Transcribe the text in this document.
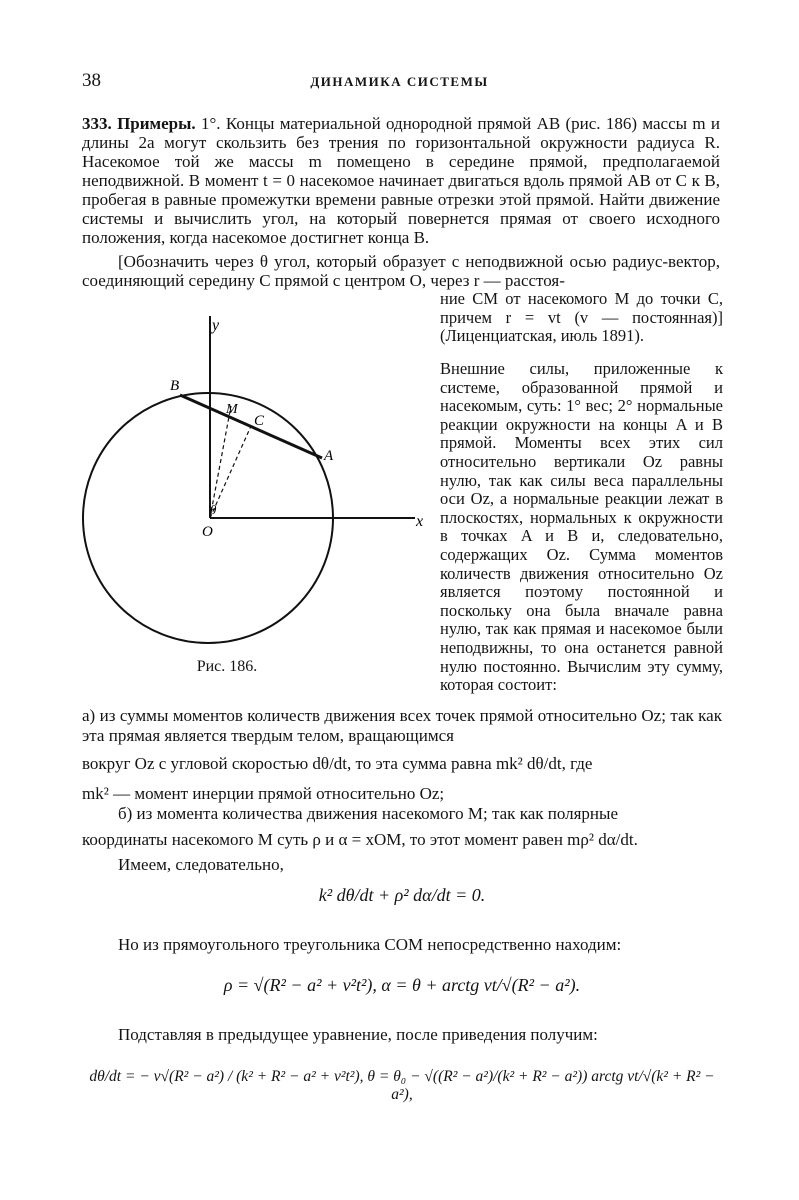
38	ДИНАМИКА СИСТЕМЫ

333. Примеры. 1°. Концы материальной однородной прямой AB (рис. 186) массы m и длины 2a могут скользить без трения по горизонтальной окружности радиуса R. Насекомое той же массы m помещено в середине прямой, предполагаемой неподвижной. В момент t = 0 насекомое начинает двигаться вдоль прямой AB от C к B, пробегая в равные промежутки времени равные отрезки этой прямой. Найти движение системы и вычислить угол, на который повернется прямая от своего исходного положения, когда насекомое достигнет конца B.

[Обозначить через θ угол, который образует с неподвижной осью радиус-вектор, соединяющий середину C прямой с центром O, через r — расстоя-

y
x
O
θ
B
A
C
M
Рис. 186.

ние CM от насекомого M до точки C, причем r = vt (v — постоянная)] (Лиценциатская, июль 1891).

Внешние силы, приложенные к системе, образованной прямой и насекомым, суть: 1° вес; 2° нормальные реакции окружности на концы A и B прямой. Моменты всех этих сил относительно вертикали Oz равны нулю, так как силы веса параллельны оси Oz, а нормальные реакции лежат в плоскостях, нормальных к окружности в точках A и B и, следовательно, содержащих Oz. Сумма моментов количеств движения относительно Oz является поэтому постоянной и поскольку она была вначале равна нулю, так как прямая и насекомое были неподвижны, то она останется равной нулю постоянно. Вычислим эту сумму, которая состоит:

а) из суммы моментов количеств движения всех точек прямой относительно Oz; так как эта прямая является твердым телом, вращающимся

вокруг Oz с угловой скоростью dθ/dt, то эта сумма равна mk² dθ/dt, где

mk² — момент инерции прямой относительно Oz;

б) из момента количества движения насекомого M; так как полярные

координаты насекомого M суть ρ и α = xOM, то этот момент равен mρ² dα/dt.

Имеем, следовательно,

k² dθ/dt + ρ² dα/dt = 0.

Но из прямоугольного треугольника COM непосредственно находим:

ρ = √(R² − a² + v²t²), α = θ + arctg vt/√(R² − a²).

Подставляя в предыдущее уравнение, после приведения получим:

dθ/dt = − v√(R² − a²) / (k² + R² − a² + v²t²), θ = θ₀ − √((R² − a²)/(k² + R² − a²)) arctg vt/√(k² + R² − a²),
